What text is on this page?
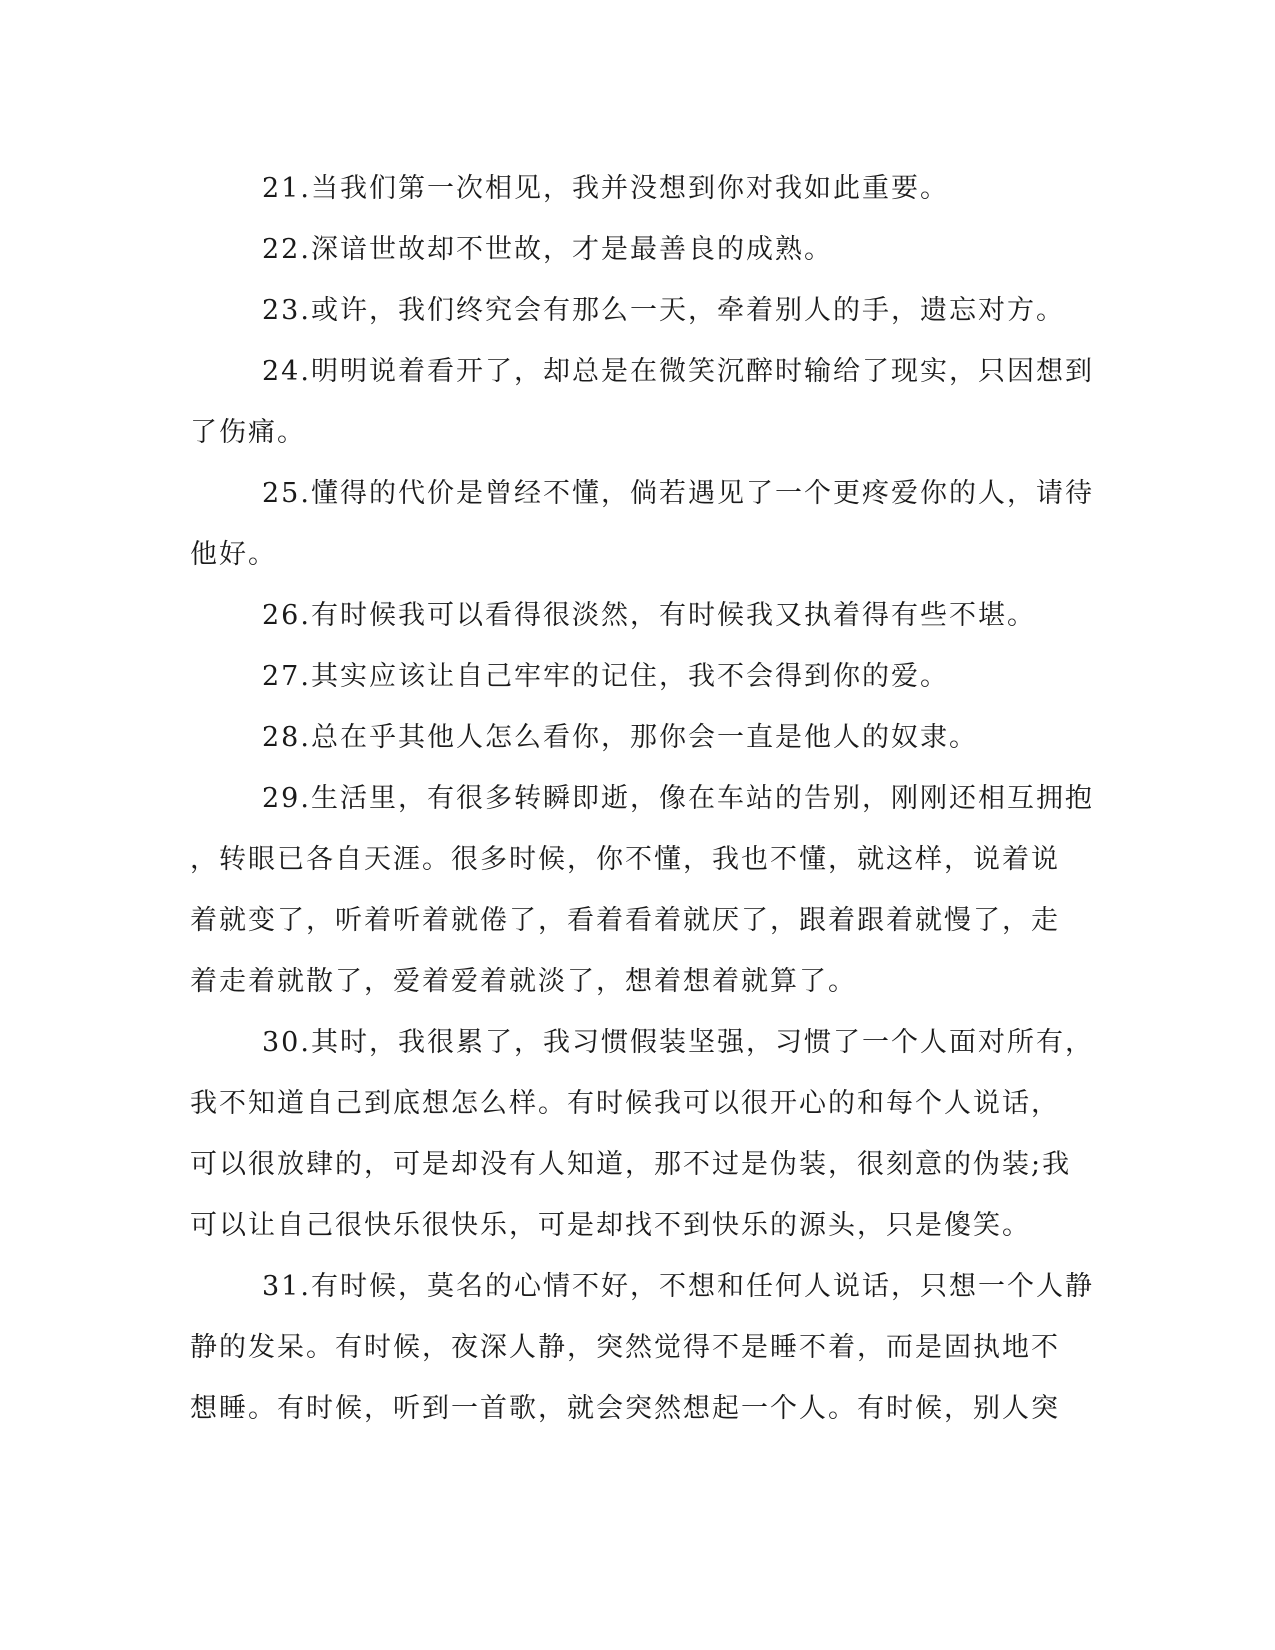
21.当我们第一次相见，我并没想到你对我如此重要。

22.深谙世故却不世故，才是最善良的成熟。

23.或许，我们终究会有那么一天，牵着别人的手，遗忘对方。

24.明明说着看开了，却总是在微笑沉醉时输给了现实，只因想到
了伤痛。

25.懂得的代价是曾经不懂，倘若遇见了一个更疼爱你的人，请待
他好。

26.有时候我可以看得很淡然，有时候我又执着得有些不堪。

27.其实应该让自己牢牢的记住，我不会得到你的爱。

28.总在乎其他人怎么看你，那你会一直是他人的奴隶。

29.生活里，有很多转瞬即逝，像在车站的告别，刚刚还相互拥抱
，转眼已各自天涯。很多时候，你不懂，我也不懂，就这样，说着说
着就变了，听着听着就倦了，看着看着就厌了，跟着跟着就慢了，走
着走着就散了，爱着爱着就淡了，想着想着就算了。

30.其时，我很累了，我习惯假装坚强，习惯了一个人面对所有，
我不知道自己到底想怎么样。有时候我可以很开心的和每个人说话，
可以很放肆的，可是却没有人知道，那不过是伪装，很刻意的伪装;我
可以让自己很快乐很快乐，可是却找不到快乐的源头，只是傻笑。

31.有时候，莫名的心情不好，不想和任何人说话，只想一个人静
静的发呆。有时候，夜深人静，突然觉得不是睡不着，而是固执地不
想睡。有时候，听到一首歌，就会突然想起一个人。有时候，别人突
